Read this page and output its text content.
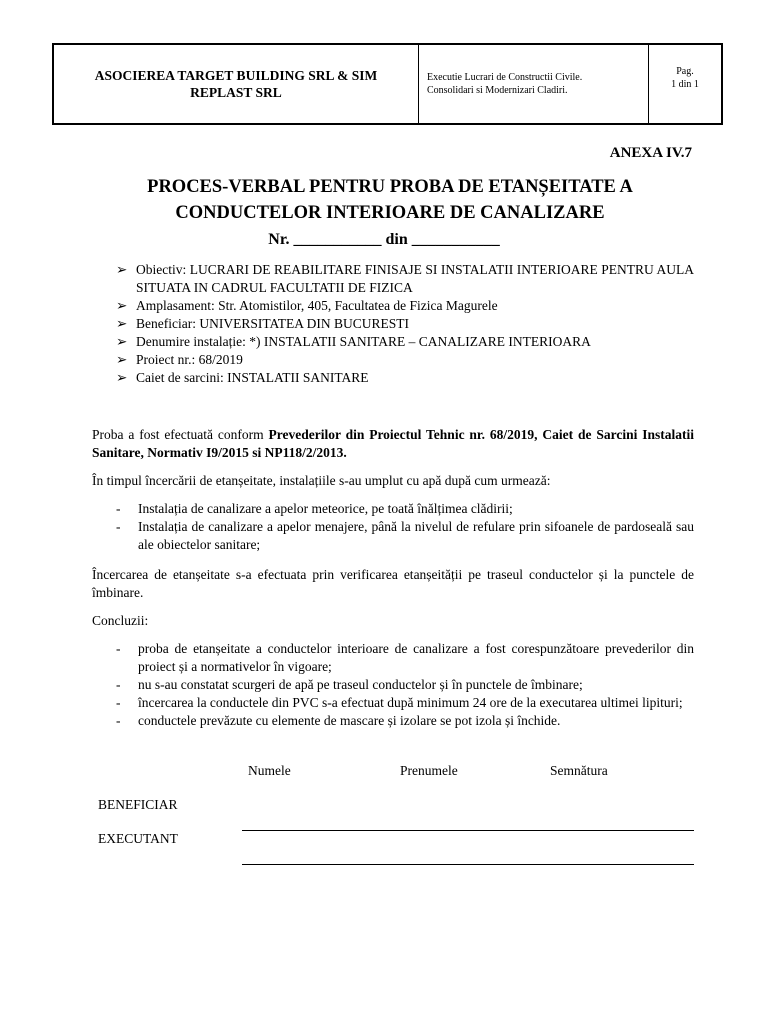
ASOCIEREA TARGET BUILDING SRL & SIM REPLAST SRL
Executie Lucrari de Constructii Civile.
Consolidari si Modernizari Cladiri.
Pag.
1 din 1
ANEXA IV.7
PROCES-VERBAL PENTRU PROBA DE ETANȘEITATE A
CONDUCTELOR INTERIOARE DE CANALIZARE
Nr. ___________ din ___________
➢ Obiectiv: LUCRARI DE REABILITARE FINISAJE SI INSTALATII INTERIOARE PENTRU AULA SITUATA IN CADRUL FACULTATII DE FIZICA
➢ Amplasament: Str. Atomistilor, 405, Facultatea de Fizica Magurele
➢ Beneficiar: UNIVERSITATEA DIN BUCURESTI
➢ Denumire instalație: *) INSTALATII SANITARE – CANALIZARE INTERIOARA
➢ Proiect nr.: 68/2019
➢ Caiet de sarcini: INSTALATII SANITARE
Proba a fost efectuată conform Prevederilor din Proiectul Tehnic nr. 68/2019, Caiet de Sarcini Instalatii Sanitare, Normativ I9/2015 si NP118/2/2013.
În timpul încercării de etanșeitate, instalațiile s-au umplut cu apă după cum urmează:
- Instalația de canalizare a apelor meteorice, pe toată înălțimea clădirii;
- Instalația de canalizare a apelor menajere, până la nivelul de refulare prin sifoanele de pardoseală sau ale obiectelor sanitare;
Încercarea de etanșeitate s-a efectuata prin verificarea etanșeității pe traseul conductelor și la punctele de îmbinare.
Concluzii:
- proba de etanșeitate a conductelor interioare de canalizare a fost corespunzătoare prevederilor din proiect și a normativelor în vigoare;
- nu s-au constatat scurgeri de apă pe traseul conductelor și în punctele de îmbinare;
- încercarea la conductele din PVC s-a efectuat după minimum 24 ore de la executarea ultimei lipituri;
- conductele prevăzute cu elemente de mascare și izolare se pot izola și închide.
Numele	Prenumele	Semnătura
BENEFICIAR
EXECUTANT
